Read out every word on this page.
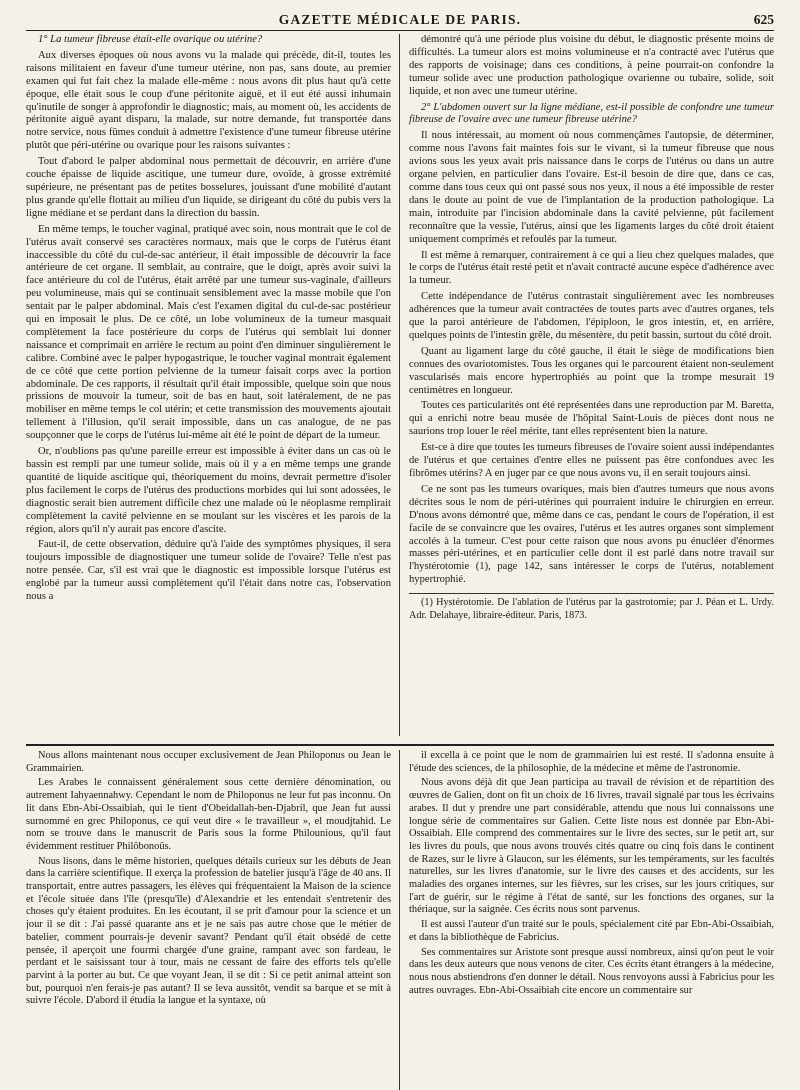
GAZETTE MÉDICALE DE PARIS.	625

1° La tumeur fibreuse était-elle ovarique ou utérine?

Aux diverses époques où nous avons vu la malade qui précède, dit-il, toutes les raisons militaient en faveur d'une tumeur utérine, non pas, sans doute, au premier examen qui fut fait chez la malade elle-même : nous avons dit plus haut qu'à cette époque, elle était sous le coup d'une péritonite aiguë, et il eut été aussi inhumain qu'inutile de songer à approfondir le diagnostic; mais, au moment où, les accidents de péritonite aiguë ayant disparu, la malade, sur notre demande, fut transportée dans notre service, nous fûmes conduit à admettre l'existence d'une tumeur fibreuse utérine plutôt que péri-utérine ou ovarique pour les raisons suivantes :

Tout d'abord le palper abdominal nous permettait de découvrir, en arrière d'une couche épaisse de liquide ascitique, une tumeur dure, ovoïde, à grosse extrémité supérieure, ne présentant pas de petites bosselures, jouissant d'une mobilité d'autant plus grande qu'elle flottait au milieu d'un liquide, se dirigeant du côté du pubis vers la ligne médiane et se perdant dans la direction du bassin.

En même temps, le toucher vaginal, pratiqué avec soin, nous montrait que le col de l'utérus avait conservé ses caractères normaux, mais que le corps de l'utérus étant inaccessible du côté du cul-de-sac antérieur, il était impossible de découvrir la face antérieure de cet organe. Il semblait, au contraire, que le doigt, après avoir suivi la face antérieure du col de l'utérus, était arrêté par une tumeur sus-vaginale, d'ailleurs peu volumineuse, mais qui se continuait sensiblement avec la masse mobile que l'on sentait par le palper abdominal. Mais c'est l'examen digital du cul-de-sac postérieur qui en imposait le plus. De ce côté, un lobe volumineux de la tumeur masquait complètement la face postérieure du corps de l'utérus qui semblait lui donner naissance et comprimait en arrière le rectum au point d'en diminuer singulièrement le calibre. Combiné avec le palper hypogastrique, le toucher vaginal montrait également de ce côté que cette portion pelvienne de la tumeur faisait corps avec la portion abdominale. De ces rapports, il résultait qu'il était impossible, quelque soin que nous prissions de mouvoir la tumeur, soit de bas en haut, soit latéralement, de ne pas mobiliser en même temps le col utérin; et cette transmission des mouvements ajoutait tellement à l'illusion, qu'il serait impossible, dans un cas analogue, de ne pas soupçonner que le corps de l'utérus lui-même ait été le point de départ de la tumeur.

Or, n'oublions pas qu'une pareille erreur est impossible à éviter dans un cas où le bassin est rempli par une tumeur solide, mais où il y a en même temps une grande quantité de liquide ascitique qui, théoriquement du moins, devrait permettre d'isoler plus facilement le corps de l'utérus des productions morbides qui lui sont adossées, le diagnostic serait bien autrement difficile chez une malade où le néoplasme remplirait complètement la cavité pelvienne en se moulant sur les viscères et les parois de la région, alors qu'il n'y aurait pas encore d'ascite.

Faut-il, de cette observation, déduire qu'à l'aide des symptômes physiques, il sera toujours impossible de diagnostiquer une tumeur solide de l'ovaire? Telle n'est pas notre pensée. Car, s'il est vrai que le diagnostic est impossible lorsque l'utérus est englobé par la tumeur aussi complètement qu'il l'était dans notre cas, l'observation nous a

démontré qu'à une période plus voisine du début, le diagnostic présente moins de difficultés. La tumeur alors est moins volumineuse et n'a contracté avec l'utérus que des rapports de voisinage; dans ces conditions, à peine pourrait-on confondre la tumeur solide avec une production pathologique ovarienne ou tubaire, solide, soit liquide, et non avec une tumeur utérine.

2° L'abdomen ouvert sur la ligne médiane, est-il possible de confondre une tumeur fibreuse de l'ovaire avec une tumeur fibreuse utérine?

Il nous intéressait, au moment où nous commençâmes l'autopsie, de déterminer, comme nous l'avons fait maintes fois sur le vivant, si la tumeur fibreuse que nous avions sous les yeux avait pris naissance dans le corps de l'utérus ou dans un autre organe pelvien, en particulier dans l'ovaire. Est-il besoin de dire que, dans ce cas, comme dans tous ceux qui ont passé sous nos yeux, il nous a été impossible de rester dans le doute au point de vue de l'implantation de la production pathologique. La main, introduite par l'incision abdominale dans la cavité pelvienne, pût facilement reconnaître que la vessie, l'utérus, ainsi que les ligaments larges du côté droit étaient uniquement comprimés et refoulés par la tumeur.

Il est même à remarquer, contrairement à ce qui a lieu chez quelques malades, que le corps de l'utérus était resté petit et n'avait contracté aucune espèce d'adhérence avec la tumeur.

Cette indépendance de l'utérus contrastait singulièrement avec les nombreuses adhérences que la tumeur avait contractées de toutes parts avec d'autres organes, tels que la paroi antérieure de l'abdomen, l'épiploon, le gros intestin, et, en arrière, quelques points de l'intestin grêle, du mésentère, du petit bassin, surtout du côté droit.

Quant au ligament large du côté gauche, il était le siège de modifications bien connues des ovariotomistes. Tous les organes qui le parcourent étaient non-seulement vascularisés mais encore hypertrophiés au point que la trompe mesurait 19 centimètres en longueur.

Toutes ces particularités ont été représentées dans une reproduction par M. Baretta, qui a enrichi notre beau musée de l'hôpital Saint-Louis de pièces dont nous ne saurions trop louer le réel mérite, tant elles représentent bien la nature.

Est-ce à dire que toutes les tumeurs fibreuses de l'ovaire soient aussi indépendantes de l'utérus et que certaines d'entre elles ne puissent pas être confondues avec les fibrômes utérins? A en juger par ce que nous avons vu, il en serait toujours ainsi.

Ce ne sont pas les tumeurs ovariques, mais bien d'autres tumeurs que nous avons décrites sous le nom de péri-utérines qui pourraient induire le chirurgien en erreur. D'nous avons démontré que, même dans ce cas, pendant le cours de l'opération, il est facile de se convaincre que les ovaires, l'utérus et les autres organes sont simplement accolés à la tumeur. C'est pour cette raison que nous avons pu énucléer d'énormes masses péri-utérines, et en particulier celle dont il est parlé dans notre travail sur l'hystérotomie (1), page 142, sans intéresser le corps de l'utérus, notablement hypertrophié.

(1) Hystérotomie. De l'ablation de l'utérus par la gastrotomie; par J. Péan et L. Urdy. Adr. Delahaye, libraire-éditeur. Paris, 1873.

Nous allons maintenant nous occuper exclusivement de Jean Philoponus ou Jean le Grammairien.

Les Arabes le connaissent généralement sous cette dernière dénomination, ou autrement Iahyaennahwy. Cependant le nom de Philoponus ne leur fut pas inconnu. On lit dans Ebn-Abi-Ossaibiah, qui le tient d'Obeidallah-ben-Djabril, que Jean fut aussi surnommé en grec Philoponus, ce qui veut dire « le travailleur », el moudjtahid. Le nom se trouve dans le manuscrit de Paris sous la forme Philounious, qu'il faut évidemment restituer Philôbonoûs.

Nous lisons, dans le même historien, quelques détails curieux sur les débuts de Jean dans la carrière scientifique. Il exerça la profession de batelier jusqu'à l'âge de 40 ans. Il transportait, entre autres passagers, les élèves qui fréquentaient la Maison de la science et l'école située dans l'île (presqu'île) d'Alexandrie et les entendait s'entretenir des choses qu'y étaient produites. En les écoutant, il se prit d'amour pour la science et un jour il se dit : J'ai passé quarante ans et je ne sais pas autre chose que le métier de batelier, comment pourrais-je devenir savant? Pendant qu'il était obsédé de cette pensée, il aperçoit une fourmi chargée d'une graine, rampant avec son fardeau, le perdant et le saisissant tour à tour, mais ne cessant de faire des efforts tels qu'elle parvint à la porter au but. Ce que voyant Jean, il se dit : Si ce petit animal atteint son but, pourquoi n'en ferais-je pas autant? Il se leva aussitôt, vendit sa barque et se mit à suivre l'école. D'abord il étudia la langue et la syntaxe, où

il excella à ce point que le nom de grammairien lui est resté. Il s'adonna ensuite à l'étude des sciences, de la philosophie, de la médecine et même de l'astronomie.

Nous avons déjà dit que Jean participa au travail de révision et de répartition des œuvres de Galien, dont on fit un choix de 16 livres, travail signalé par tous les écrivains arabes. Il dut y prendre une part considérable, attendu que nous lui connaissons une longue série de commentaires sur Galien. Cette liste nous est donnée par Ebn-Abi-Ossaibiah. Elle comprend des commentaires sur le livre des sectes, sur le petit art, sur les livres du pouls, que nous avons trouvés cités quatre ou cinq fois dans le continent de Razes, sur le livre à Glaucon, sur les éléments, sur les tempéraments, sur les facultés naturelles, sur les livres d'anatomie, sur le livre des causes et des accidents, sur les maladies des organes internes, sur les fièvres, sur les crises, sur les jours critiques, sur l'art de guérir, sur le régime à l'état de santé, sur les fonctions des organes, sur la thériaque, sur la saignée. Ces écrits nous sont parvenus.

Il est aussi l'auteur d'un traité sur le pouls, spécialement cité par Ebn-Abi-Ossaibiah, et dans la bibliothèque de Fabricius.

Ses commentaires sur Aristote sont presque aussi nombreux, ainsi qu'on peut le voir dans les deux auteurs que nous venons de citer. Ces écrits étant étrangers à la médecine, nous nous abstiendrons d'en donner le détail. Nous renvoyons aussi à Fabricius pour les autres ouvrages. Ebn-Abi-Ossaibiah cite encore un commentaire sur
